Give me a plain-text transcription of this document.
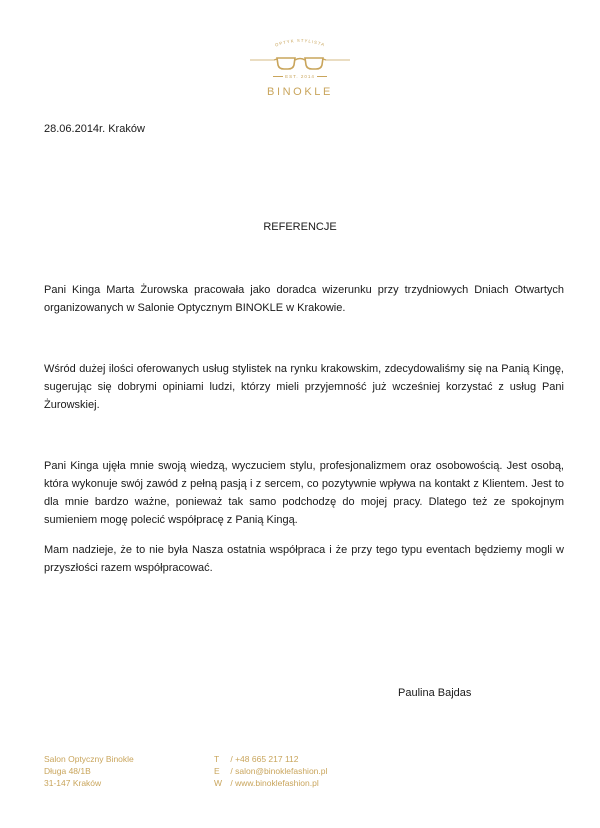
OPTYK STYLISTA
EST. 2014
BINOKLE
28.06.2014r. Kraków
REFERENCJE

Pani Kinga Marta Żurowska pracowała jako doradca wizerunku przy trzydniowych Dniach Otwartych organizowanych w Salonie Optycznym BINOKLE w Krakowie.

Wśród dużej ilości oferowanych usług stylistek na rynku krakowskim, zdecydowaliśmy się na Panią Kingę, sugerując się dobrymi opiniami ludzi, którzy mieli przyjemność już wcześniej korzystać z usług Pani Żurowskiej.

Pani Kinga ujęła mnie swoją wiedzą, wyczuciem stylu, profesjonalizmem oraz osobowością. Jest osobą, która wykonuje swój zawód z pełną pasją i z sercem, co pozytywnie wpływa na kontakt z Klientem. Jest to dla mnie bardzo ważne, ponieważ tak samo podchodzę do mojej pracy. Dlatego też ze spokojnym sumieniem mogę polecić współpracę z Panią Kingą.

Mam nadzieje, że to nie była Nasza ostatnia współpraca i że przy tego typu eventach będziemy mogli w przyszłości razem współpracować.

Paulina Bajdas
Salon Optyczny Binokle
Długa 48/1B
31-147 Kraków
T / +48 665 217 112
E / salon@binoklefashion.pl
W / www.binoklefashion.pl
